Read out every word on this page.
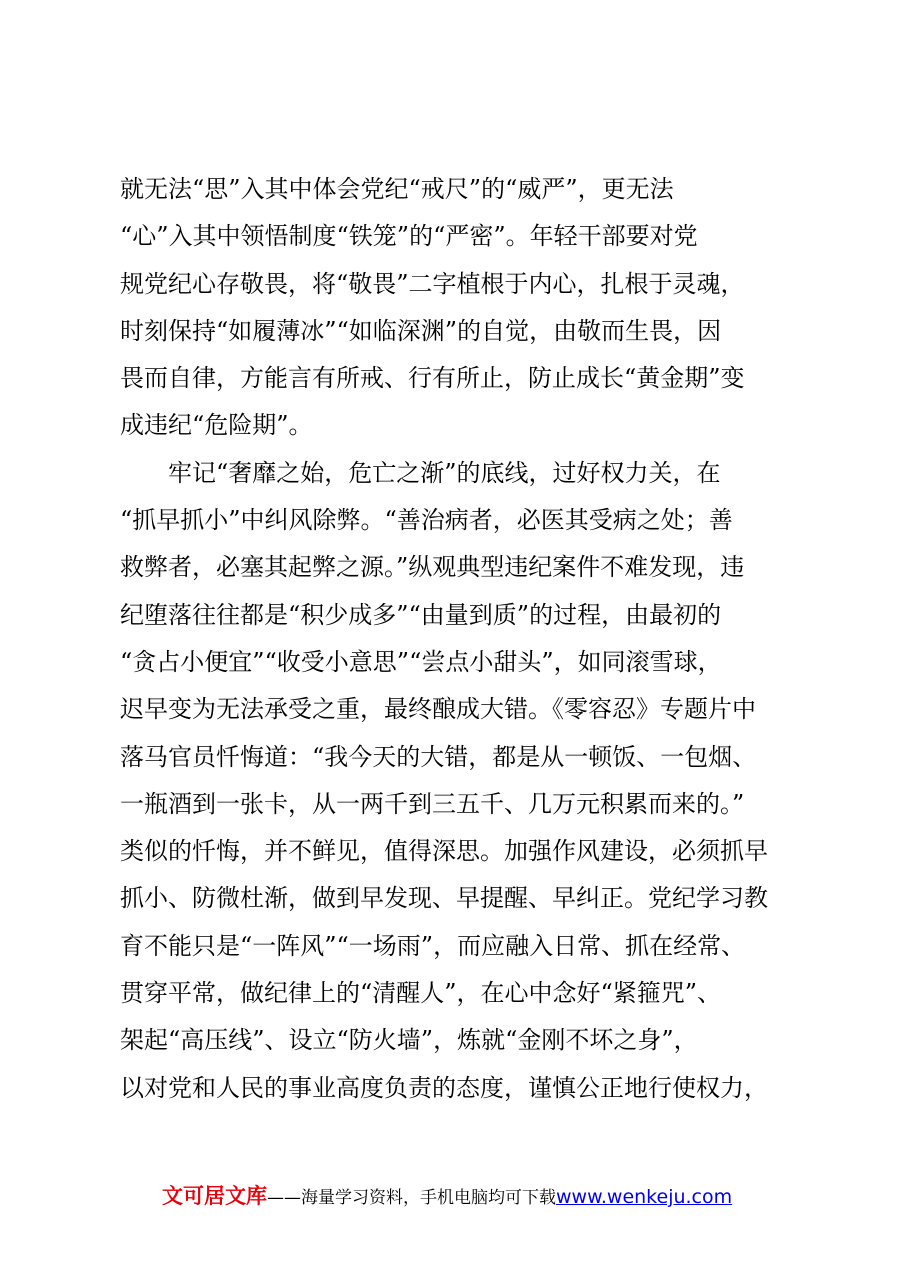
就无法“思”入其中体会党纪“戒尺”的“威严”，更无法
“心”入其中领悟制度“铁笼”的“严密”。年轻干部要对党
规党纪心存敬畏，将“敬畏”二字植根于内心，扎根于灵魂，
时刻保持“如履薄冰”“如临深渊”的自觉，由敬而生畏，因
畏而自律，方能言有所戒、行有所止，防止成长“黄金期”变
成违纪“危险期”。
　　牢记“奢靡之始，危亡之渐”的底线，过好权力关，在
“抓早抓小”中纠风除弊。“善治病者，必医其受病之处；善
救弊者，必塞其起弊之源。”纵观典型违纪案件不难发现，违
纪堕落往往都是“积少成多”“由量到质”的过程，由最初的
“贪占小便宜”“收受小意思”“尝点小甜头”，如同滚雪球，
迟早变为无法承受之重，最终酿成大错。《零容忍》专题片中
落马官员忏悔道：“我今天的大错，都是从一顿饭、一包烟、
一瓶酒到一张卡，从一两千到三五千、几万元积累而来的。”
类似的忏悔，并不鲜见，值得深思。加强作风建设，必须抓早
抓小、防微杜渐，做到早发现、早提醒、早纠正。党纪学习教
育不能只是“一阵风”“一场雨”，而应融入日常、抓在经常、
贯穿平常，做纪律上的“清醒人”，在心中念好“紧箍咒”、
架起“高压线”、设立“防火墙”，炼就“金刚不坏之身”，
以对党和人民的事业高度负责的态度，谨慎公正地行使权力，
文可居文库——海量学习资料，手机电脑均可下载www.wenkeju.com
